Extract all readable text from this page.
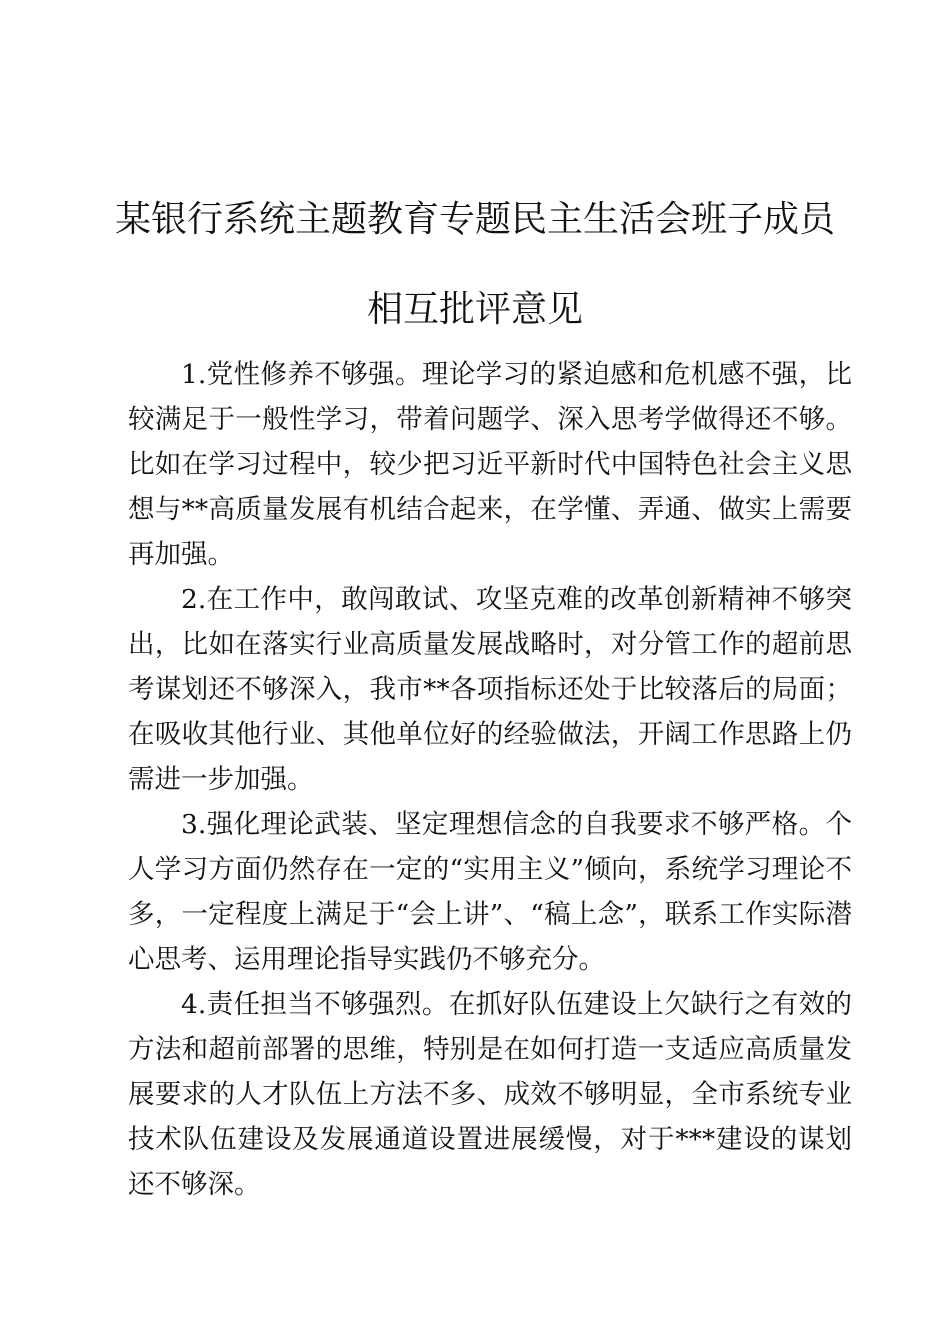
某银行系统主题教育专题民主生活会班子成员
相互批评意见

1.党性修养不够强。理论学习的紧迫感和危机感不强，比较满足于一般性学习，带着问题学、深入思考学做得还不够。比如在学习过程中，较少把习近平新时代中国特色社会主义思想与**高质量发展有机结合起来，在学懂、弄通、做实上需要再加强。

2.在工作中，敢闯敢试、攻坚克难的改革创新精神不够突出，比如在落实行业高质量发展战略时，对分管工作的超前思考谋划还不够深入，我市**各项指标还处于比较落后的局面；在吸收其他行业、其他单位好的经验做法，开阔工作思路上仍需进一步加强。

3.强化理论武装、坚定理想信念的自我要求不够严格。个人学习方面仍然存在一定的“实用主义”倾向，系统学习理论不多，一定程度上满足于“会上讲”、“稿上念”，联系工作实际潜心思考、运用理论指导实践仍不够充分。

4.责任担当不够强烈。在抓好队伍建设上欠缺行之有效的方法和超前部署的思维，特别是在如何打造一支适应高质量发展要求的人才队伍上方法不多、成效不够明显，全市系统专业技术队伍建设及发展通道设置进展缓慢，对于***建设的谋划还不够深。
